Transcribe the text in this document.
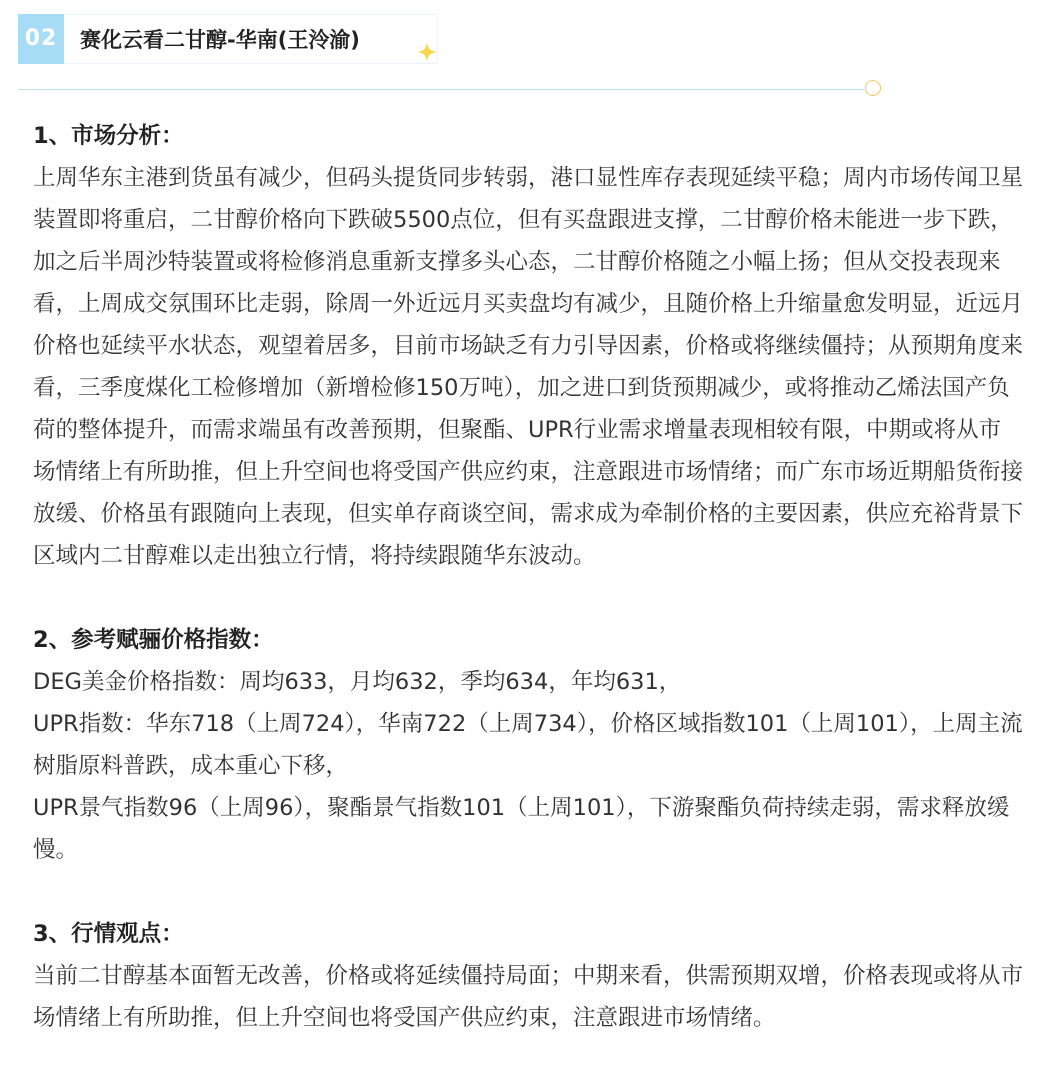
02	赛化云看二甘醇-华南(王泠渝)

1、市场分析：

上周华东主港到货虽有减少，但码头提货同步转弱，港口显性库存表现延续平稳；周内市场传闻卫星装置即将重启，二甘醇价格向下跌破5500点位，但有买盘跟进支撑，二甘醇价格未能进一步下跌，加之后半周沙特装置或将检修消息重新支撑多头心态，二甘醇价格随之小幅上扬；但从交投表现来看，上周成交氛围环比走弱，除周一外近远月买卖盘均有减少，且随价格上升缩量愈发明显，近远月价格也延续平水状态，观望着居多，目前市场缺乏有力引导因素，价格或将继续僵持；从预期角度来看，三季度煤化工检修增加（新增检修150万吨），加之进口到货预期减少，或将推动乙烯法国产负荷的整体提升，而需求端虽有改善预期，但聚酯、UPR行业需求增量表现相较有限，中期或将从市场情绪上有所助推，但上升空间也将受国产供应约束，注意跟进市场情绪；而广东市场近期船货衔接放缓、价格虽有跟随向上表现，但实单存商谈空间，需求成为牵制价格的主要因素，供应充裕背景下区域内二甘醇难以走出独立行情，将持续跟随华东波动。

2、参考赋骊价格指数：

DEG美金价格指数：周均633，月均632，季均634，年均631，

UPR指数：华东718（上周724），华南722（上周734），价格区域指数101（上周101），上周主流树脂原料普跌，成本重心下移，

UPR景气指数96（上周96），聚酯景气指数101（上周101），下游聚酯负荷持续走弱，需求释放缓慢。

3、行情观点：

当前二甘醇基本面暂无改善，价格或将延续僵持局面；中期来看，供需预期双增，价格表现或将从市场情绪上有所助推，但上升空间也将受国产供应约束，注意跟进市场情绪。
